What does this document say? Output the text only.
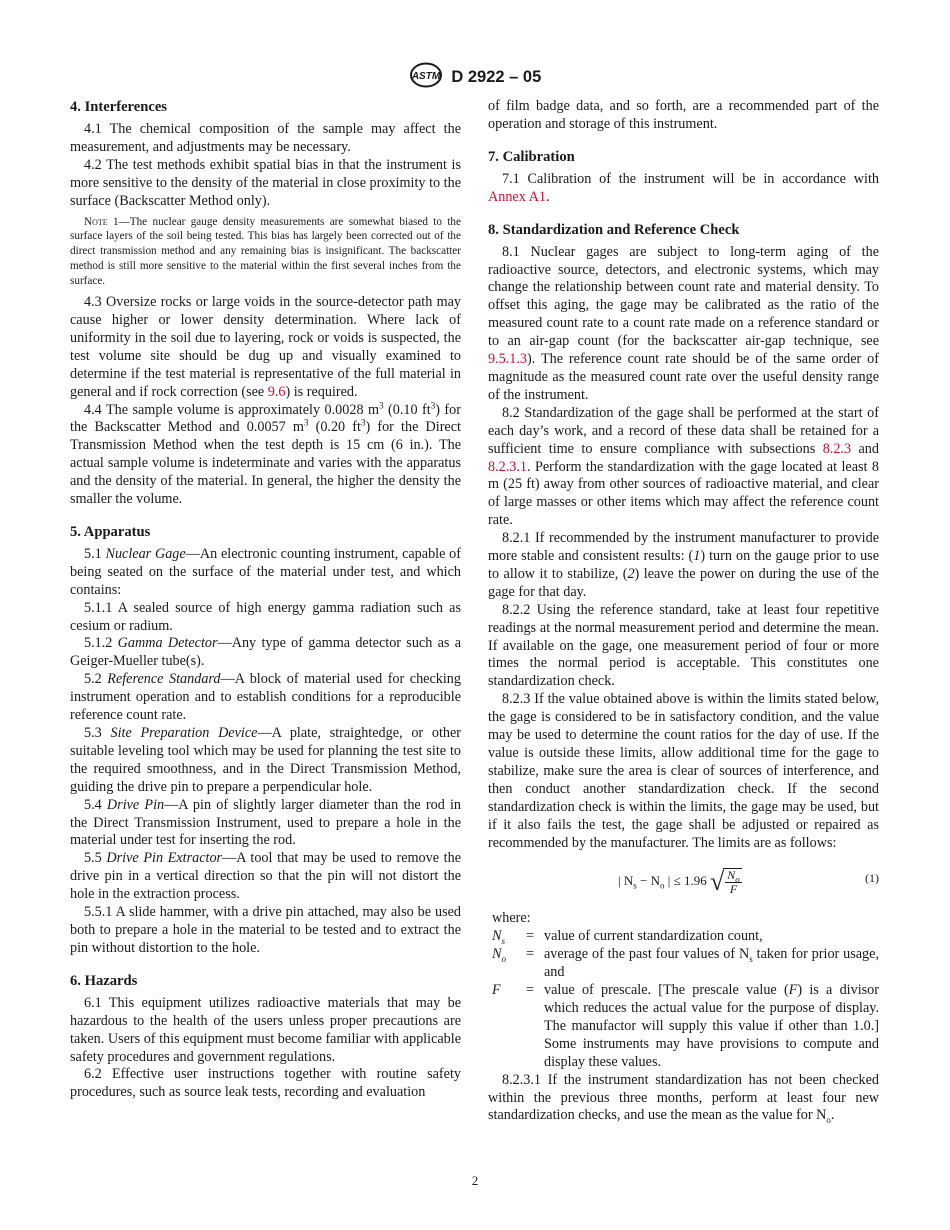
ASTM D 2922 – 05
4. Interferences

4.1 The chemical composition of the sample may affect the measurement, and adjustments may be necessary.

4.2 The test methods exhibit spatial bias in that the instrument is more sensitive to the density of the material in close proximity to the surface (Backscatter Method only).

Note 1—The nuclear gauge density measurements are somewhat biased to the surface layers of the soil being tested. This bias has largely been corrected out of the direct transmission method and any remaining bias is insignificant. The backscatter method is still more sensitive to the material within the first several inches from the surface.

4.3 Oversize rocks or large voids in the source-detector path may cause higher or lower density determination. Where lack of uniformity in the soil due to layering, rock or voids is suspected, the test volume site should be dug up and visually examined to determine if the test material is representative of the full material in general and if rock correction (see 9.6) is required.

4.4 The sample volume is approximately 0.0028 $m^3$ (0.10 $ft^3$) for the Backscatter Method and 0.0057 $m^3$ (0.20 $ft^3$) for the Direct Transmission Method when the test depth is 15 cm (6 in.). The actual sample volume is indeterminate and varies with the apparatus and the density of the material. In general, the higher the density the smaller the volume.

5. Apparatus

5.1 Nuclear Gage—An electronic counting instrument, capable of being seated on the surface of the material under test, and which contains:

5.1.1 A sealed source of high energy gamma radiation such as cesium or radium.

5.1.2 Gamma Detector—Any type of gamma detector such as a Geiger-Mueller tube(s).

5.2 Reference Standard—A block of material used for checking instrument operation and to establish conditions for a reproducible reference count rate.

5.3 Site Preparation Device—A plate, straightedge, or other suitable leveling tool which may be used for planning the test site to the required smoothness, and in the Direct Transmission Method, guiding the drive pin to prepare a perpendicular hole.

5.4 Drive Pin—A pin of slightly larger diameter than the rod in the Direct Transmission Instrument, used to prepare a hole in the material under test for inserting the rod.

5.5 Drive Pin Extractor—A tool that may be used to remove the drive pin in a vertical direction so that the pin will not distort the hole in the extraction process.

5.5.1 A slide hammer, with a drive pin attached, may also be used both to prepare a hole in the material to be tested and to extract the pin without distortion to the hole.

6. Hazards

6.1 This equipment utilizes radioactive materials that may be hazardous to the health of the users unless proper precautions are taken. Users of this equipment must become familiar with applicable safety procedures and government regulations.

6.2 Effective user instructions together with routine safety procedures, such as source leak tests, recording and evaluation

of film badge data, and so forth, are a recommended part of the operation and storage of this instrument.

7. Calibration

7.1 Calibration of the instrument will be in accordance with Annex A1.

8. Standardization and Reference Check

8.1 Nuclear gages are subject to long-term aging of the radioactive source, detectors, and electronic systems, which may change the relationship between count rate and material density. To offset this aging, the gage may be calibrated as the ratio of the measured count rate to a count rate made on a reference standard or to an air-gap count (for the backscatter air-gap technique, see 9.5.1.3). The reference count rate should be of the same order of magnitude as the measured count rate over the useful density range of the instrument.

8.2 Standardization of the gage shall be performed at the start of each day’s work, and a record of these data shall be retained for a sufficient time to ensure compliance with subsections 8.2.3 and 8.2.3.1. Perform the standardization with the gage located at least 8 m (25 ft) away from other sources of radioactive material, and clear of large masses or other items which may affect the reference count rate.

8.2.1 If recommended by the instrument manufacturer to provide more stable and consistent results: (1) turn on the gauge prior to use to allow it to stabilize, (2) leave the power on during the use of the gage for that day.

8.2.2 Using the reference standard, take at least four repetitive readings at the normal measurement period and determine the mean. If available on the gage, one measurement period of four or more times the normal period is acceptable. This constitutes one standardization check.

8.2.3 If the value obtained above is within the limits stated below, the gage is considered to be in satisfactory condition, and the value may be used to determine the count ratios for the day of use. If the value is outside these limits, allow additional time for the gage to stabilize, make sure the area is clear of sources of interference, and then conduct another standardization check. If the second standardization check is within the limits, the gage may be used, but if it also fails the test, the gage shall be adjusted or repaired as recommended by the manufacturer. The limits are as follows:

| $N_s - N_o$ | ≤ 1.96 √ $\frac{N_o}{F}$	(1)
where:
$N_s$	= value of current standardization count,
$N_o$	= average of the past four values of $N_s$ taken for prior usage, and
F	= value of prescale. [The prescale value (F) is a divisor which reduces the actual value for the purpose of display. The manufactor will supply this value if other than 1.0.] Some instruments may have provisions to compute and display these values.

8.2.3.1 If the instrument standardization has not been checked within the previous three months, perform at least four new standardization checks, and use the mean as the value for $N_o$.

2
